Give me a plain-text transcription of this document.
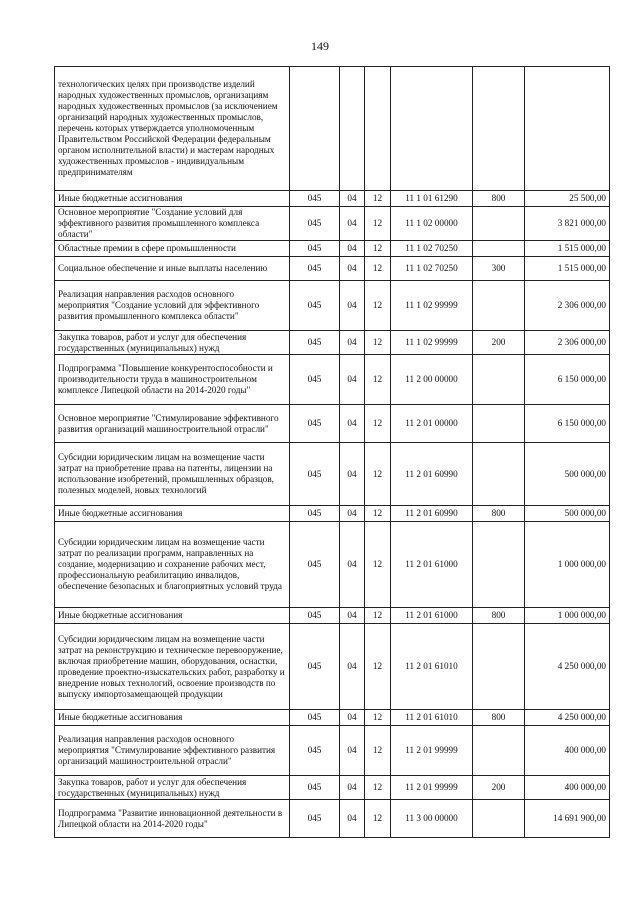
149
технологических целях при производстве изделий народных художественных промыслов, организациям народных художественных промыслов (за исключением организаций народных художественных промыслов, перечень которых утверждается уполномоченным Правительством Российской Федерации федеральным органом исполнительной власти) и мастерам народных художественных промыслов - индивидуальным предпринимателям						
Иные бюджетные ассигнования	045	04	12	11 1 01 61290	800	25 500,00
Основное мероприятие "Создание условий для эффективного развития промышленного комплекса области"	045	04	12	11 1 02 00000		3 821 000,00
Областные премии в сфере промышленности	045	04	12	11 1 02 70250		1 515 000,00
Социальное обеспечение и иные выплаты населению	045	04	12	11 1 02 70250	300	1 515 000,00
Реализация направления расходов основного мероприятия "Создание условий для эффективного развития промышленного комплекса области"	045	04	12	11 1 02 99999		2 306 000,00
Закупка товаров, работ и услуг для обеспечения государственных (муниципальных) нужд	045	04	12	11 1 02 99999	200	2 306 000,00
Подпрограмма "Повышение конкурентоспособности и производительности труда в машиностроительном комплексе Липецкой области на 2014-2020 годы"	045	04	12	11 2 00 00000		6 150 000,00
Основное мероприятие "Стимулирование эффективного развития организаций машиностроительной отрасли"	045	04	12	11 2 01 00000		6 150 000,00
Субсидии юридическим лицам на возмещение части затрат на приобретение права на патенты, лицензии на использование изобретений, промышленных образцов, полезных моделей, новых технологий	045	04	12	11 2 01 60990		500 000,00
Иные бюджетные ассигнования	045	04	12	11 2 01 60990	800	500 000,00
Субсидии юридическим лицам на возмещение части затрат по реализации программ, направленных на создание, модернизацию и сохранение рабочих мест, профессиональную реабилитацию инвалидов, обеспечение безопасных и благоприятных условий труда	045	04	12	11 2 01 61000		1 000 000,00
Иные бюджетные ассигнования	045	04	12	11 2 01 61000	800	1 000 000,00
Субсидии юридическим лицам на возмещение части затрат на реконструкцию и техническое перевооружение, включая приобретение машин, оборудования, оснастки, проведение проектно-изыскательских работ, разработку и внедрение новых технологий, освоение производств по выпуску импортозамещающей продукции	045	04	12	11 2 01 61010		4 250 000,00
Иные бюджетные ассигнования	045	04	12	11 2 01 61010	800	4 250 000,00
Реализация направления расходов основного мероприятия "Стимулирование эффективного развития организаций машиностроительной отрасли"	045	04	12	11 2 01 99999		400 000,00
Закупка товаров, работ и услуг для обеспечения государственных (муниципальных) нужд	045	04	12	11 2 01 99999	200	400 000,00
Подпрограмма "Развитие инновационной деятельности в Липецкой области на 2014-2020 годы"	045	04	12	11 3 00 00000		14 691 900,00
